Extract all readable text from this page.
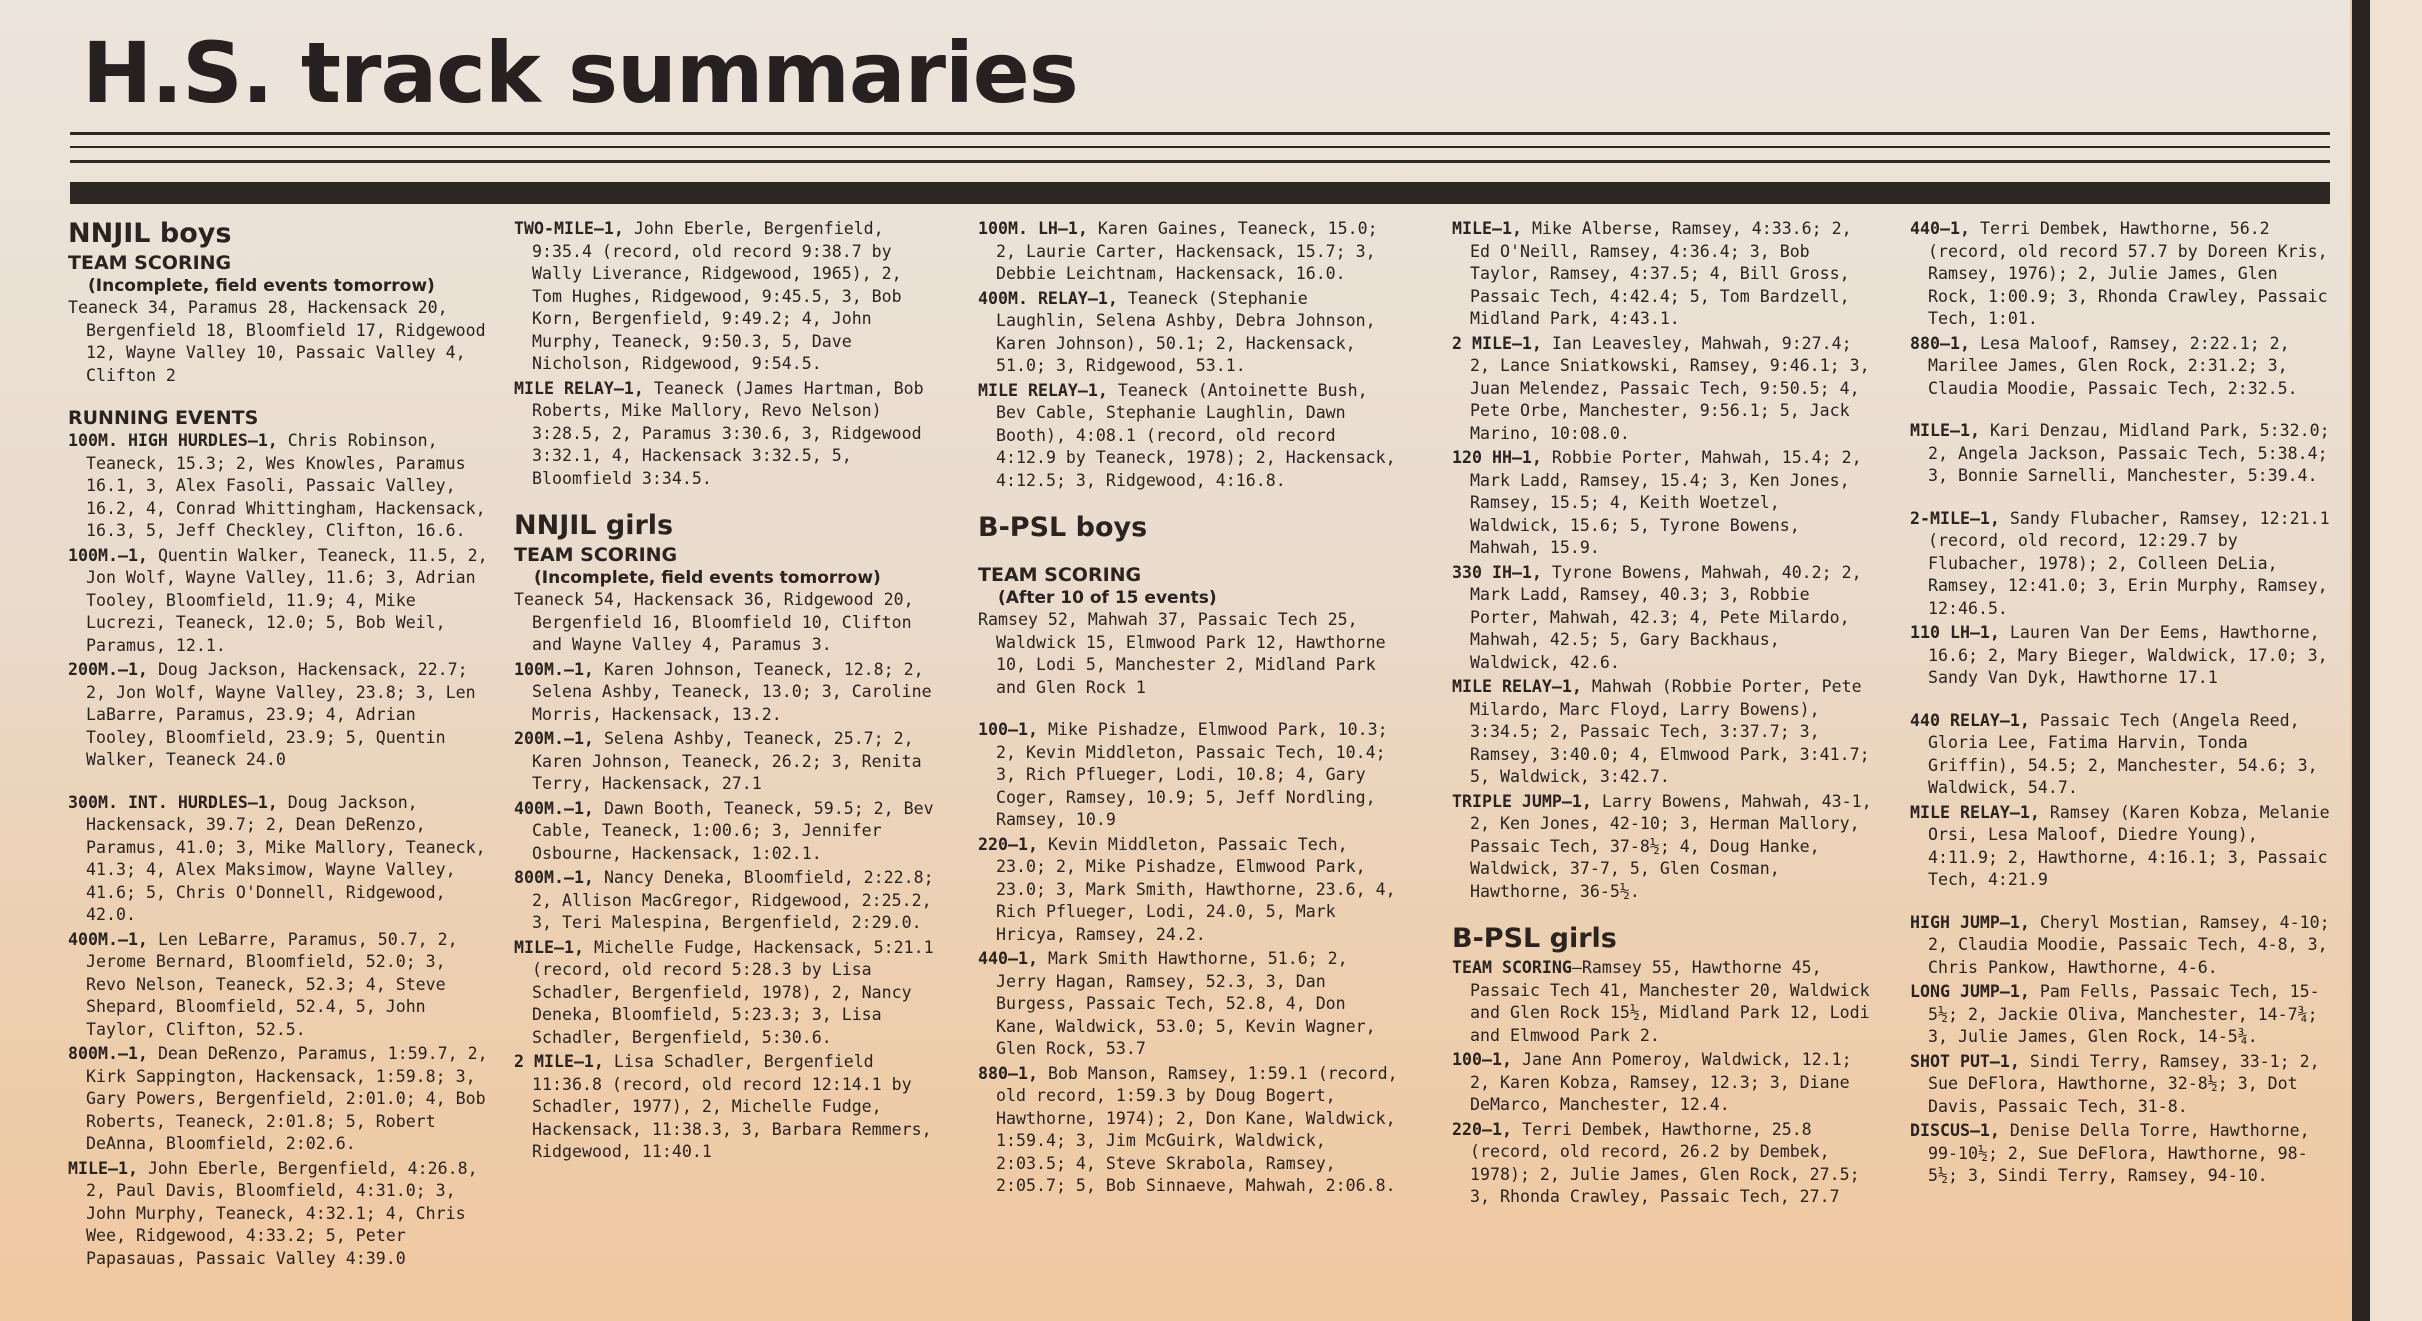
H.S. track summaries
NNJIL boys
TEAM SCORING
(Incomplete, field events tomorrow)
Teaneck 34, Paramus 28, Hackensack 20, Bergenfield 18, Bloomfield 17, Ridgewood 12, Wayne Valley 10, Passaic Valley 4, Clifton 2
RUNNING EVENTS
100M. HIGH HURDLES—1, Chris Robinson, Teaneck, 15.3; 2, Wes Knowles, Paramus 16.1, 3, Alex Fasoli, Passaic Valley, 16.2, 4, Conrad Whittingham, Hackensack, 16.3, 5, Jeff Checkley, Clifton, 16.6.
100M.—1, Quentin Walker, Teaneck, 11.5, 2, Jon Wolf, Wayne Valley, 11.6; 3, Adrian Tooley, Bloomfield, 11.9; 4, Mike Lucrezi, Teaneck, 12.0; 5, Bob Weil, Paramus, 12.1.
200M.—1, Doug Jackson, Hackensack, 22.7; 2, Jon Wolf, Wayne Valley, 23.8; 3, Len LaBarre, Paramus, 23.9; 4, Adrian Tooley, Bloomfield, 23.9; 5, Quentin Walker, Teaneck 24.0
300M. INT. HURDLES—1, Doug Jackson, Hackensack, 39.7; 2, Dean DeRenzo, Paramus, 41.0; 3, Mike Mallory, Teaneck, 41.3; 4, Alex Maksimow, Wayne Valley, 41.6; 5, Chris O'Donnell, Ridgewood, 42.0.
400M.—1, Len LeBarre, Paramus, 50.7, 2, Jerome Bernard, Bloomfield, 52.0; 3, Revo Nelson, Teaneck, 52.3; 4, Steve Shepard, Bloomfield, 52.4, 5, John Taylor, Clifton, 52.5.
800M.—1, Dean DeRenzo, Paramus, 1:59.7, 2, Kirk Sappington, Hackensack, 1:59.8; 3, Gary Powers, Bergenfield, 2:01.0; 4, Bob Roberts, Teaneck, 2:01.8; 5, Robert DeAnna, Bloomfield, 2:02.6.
MILE—1, John Eberle, Bergenfield, 4:26.8, 2, Paul Davis, Bloomfield, 4:31.0; 3, John Murphy, Teaneck, 4:32.1; 4, Chris Wee, Ridgewood, 4:33.2; 5, Peter Papasauas, Passaic Valley 4:39.0
TWO-MILE—1, John Eberle, Bergenfield, 9:35.4 (record, old record 9:38.7 by Wally Liverance, Ridgewood, 1965), 2, Tom Hughes, Ridgewood, 9:45.5, 3, Bob Korn, Bergenfield, 9:49.2; 4, John Murphy, Teaneck, 9:50.3, 5, Dave Nicholson, Ridgewood, 9:54.5.
MILE RELAY—1, Teaneck (James Hartman, Bob Roberts, Mike Mallory, Revo Nelson) 3:28.5, 2, Paramus 3:30.6, 3, Ridgewood 3:32.1, 4, Hackensack 3:32.5, 5, Bloomfield 3:34.5.
NNJIL girls
TEAM SCORING
(Incomplete, field events tomorrow)
Teaneck 54, Hackensack 36, Ridgewood 20, Bergenfield 16, Bloomfield 10, Clifton and Wayne Valley 4, Paramus 3.
100M.—1, Karen Johnson, Teaneck, 12.8; 2, Selena Ashby, Teaneck, 13.0; 3, Caroline Morris, Hackensack, 13.2.
200M.—1, Selena Ashby, Teaneck, 25.7; 2, Karen Johnson, Teaneck, 26.2; 3, Renita Terry, Hackensack, 27.1
400M.—1, Dawn Booth, Teaneck, 59.5; 2, Bev Cable, Teaneck, 1:00.6; 3, Jennifer Osbourne, Hackensack, 1:02.1.
800M.—1, Nancy Deneka, Bloomfield, 2:22.8; 2, Allison MacGregor, Ridgewood, 2:25.2, 3, Teri Malespina, Bergenfield, 2:29.0.
MILE—1, Michelle Fudge, Hackensack, 5:21.1 (record, old record 5:28.3 by Lisa Schadler, Bergenfield, 1978), 2, Nancy Deneka, Bloomfield, 5:23.3; 3, Lisa Schadler, Bergenfield, 5:30.6.
2 MILE—1, Lisa Schadler, Bergenfield 11:36.8 (record, old record 12:14.1 by Schadler, 1977), 2, Michelle Fudge, Hackensack, 11:38.3, 3, Barbara Remmers, Ridgewood, 11:40.1
100M. LH—1, Karen Gaines, Teaneck, 15.0; 2, Laurie Carter, Hackensack, 15.7; 3, Debbie Leichtnam, Hackensack, 16.0.
400M. RELAY—1, Teaneck (Stephanie Laughlin, Selena Ashby, Debra Johnson, Karen Johnson), 50.1; 2, Hackensack, 51.0; 3, Ridgewood, 53.1.
MILE RELAY—1, Teaneck (Antoinette Bush, Bev Cable, Stephanie Laughlin, Dawn Booth), 4:08.1 (record, old record 4:12.9 by Teaneck, 1978); 2, Hackensack, 4:12.5; 3, Ridgewood, 4:16.8.
B-PSL boys
TEAM SCORING
(After 10 of 15 events)
Ramsey 52, Mahwah 37, Passaic Tech 25, Waldwick 15, Elmwood Park 12, Hawthorne 10, Lodi 5, Manchester 2, Midland Park and Glen Rock 1
100—1, Mike Pishadze, Elmwood Park, 10.3; 2, Kevin Middleton, Passaic Tech, 10.4; 3, Rich Pflueger, Lodi, 10.8; 4, Gary Coger, Ramsey, 10.9; 5, Jeff Nordling, Ramsey, 10.9
220—1, Kevin Middleton, Passaic Tech, 23.0; 2, Mike Pishadze, Elmwood Park, 23.0; 3, Mark Smith, Hawthorne, 23.6, 4, Rich Pflueger, Lodi, 24.0, 5, Mark Hricya, Ramsey, 24.2.
440—1, Mark Smith Hawthorne, 51.6; 2, Jerry Hagan, Ramsey, 52.3, 3, Dan Burgess, Passaic Tech, 52.8, 4, Don Kane, Waldwick, 53.0; 5, Kevin Wagner, Glen Rock, 53.7
880—1, Bob Manson, Ramsey, 1:59.1 (record, old record, 1:59.3 by Doug Bogert, Hawthorne, 1974); 2, Don Kane, Waldwick, 1:59.4; 3, Jim McGuirk, Waldwick, 2:03.5; 4, Steve Skrabola, Ramsey, 2:05.7; 5, Bob Sinnaeve, Mahwah, 2:06.8.
MILE—1, Mike Alberse, Ramsey, 4:33.6; 2, Ed O'Neill, Ramsey, 4:36.4; 3, Bob Taylor, Ramsey, 4:37.5; 4, Bill Gross, Passaic Tech, 4:42.4; 5, Tom Bardzell, Midland Park, 4:43.1.
2 MILE—1, Ian Leavesley, Mahwah, 9:27.4; 2, Lance Sniatkowski, Ramsey, 9:46.1; 3, Juan Melendez, Passaic Tech, 9:50.5; 4, Pete Orbe, Manchester, 9:56.1; 5, Jack Marino, 10:08.0.
120 HH—1, Robbie Porter, Mahwah, 15.4; 2, Mark Ladd, Ramsey, 15.4; 3, Ken Jones, Ramsey, 15.5; 4, Keith Woetzel, Waldwick, 15.6; 5, Tyrone Bowens, Mahwah, 15.9.
330 IH—1, Tyrone Bowens, Mahwah, 40.2; 2, Mark Ladd, Ramsey, 40.3; 3, Robbie Porter, Mahwah, 42.3; 4, Pete Milardo, Mahwah, 42.5; 5, Gary Backhaus, Waldwick, 42.6.
MILE RELAY—1, Mahwah (Robbie Porter, Pete Milardo, Marc Floyd, Larry Bowens), 3:34.5; 2, Passaic Tech, 3:37.7; 3, Ramsey, 3:40.0; 4, Elmwood Park, 3:41.7; 5, Waldwick, 3:42.7.
TRIPLE JUMP—1, Larry Bowens, Mahwah, 43-1, 2, Ken Jones, 42-10; 3, Herman Mallory, Passaic Tech, 37-8½; 4, Doug Hanke, Waldwick, 37-7, 5, Glen Cosman, Hawthorne, 36-5½.
B-PSL girls
TEAM SCORING—Ramsey 55, Hawthorne 45, Passaic Tech 41, Manchester 20, Waldwick and Glen Rock 15½, Midland Park 12, Lodi and Elmwood Park 2.
100—1, Jane Ann Pomeroy, Waldwick, 12.1; 2, Karen Kobza, Ramsey, 12.3; 3, Diane DeMarco, Manchester, 12.4.
220—1, Terri Dembek, Hawthorne, 25.8 (record, old record, 26.2 by Dembek, 1978); 2, Julie James, Glen Rock, 27.5; 3, Rhonda Crawley, Passaic Tech, 27.7
440—1, Terri Dembek, Hawthorne, 56.2 (record, old record 57.7 by Doreen Kris, Ramsey, 1976); 2, Julie James, Glen Rock, 1:00.9; 3, Rhonda Crawley, Passaic Tech, 1:01.
880—1, Lesa Maloof, Ramsey, 2:22.1; 2, Marilee James, Glen Rock, 2:31.2; 3, Claudia Moodie, Passaic Tech, 2:32.5.
MILE—1, Kari Denzau, Midland Park, 5:32.0; 2, Angela Jackson, Passaic Tech, 5:38.4; 3, Bonnie Sarnelli, Manchester, 5:39.4.
2-MILE—1, Sandy Flubacher, Ramsey, 12:21.1 (record, old record, 12:29.7 by Flubacher, 1978); 2, Colleen DeLia, Ramsey, 12:41.0; 3, Erin Murphy, Ramsey, 12:46.5.
110 LH—1, Lauren Van Der Eems, Hawthorne, 16.6; 2, Mary Bieger, Waldwick, 17.0; 3, Sandy Van Dyk, Hawthorne 17.1
440 RELAY—1, Passaic Tech (Angela Reed, Gloria Lee, Fatima Harvin, Tonda Griffin), 54.5; 2, Manchester, 54.6; 3, Waldwick, 54.7.
MILE RELAY—1, Ramsey (Karen Kobza, Melanie Orsi, Lesa Maloof, Diedre Young), 4:11.9; 2, Hawthorne, 4:16.1; 3, Passaic Tech, 4:21.9
HIGH JUMP—1, Cheryl Mostian, Ramsey, 4-10; 2, Claudia Moodie, Passaic Tech, 4-8, 3, Chris Pankow, Hawthorne, 4-6.
LONG JUMP—1, Pam Fells, Passaic Tech, 15-5½; 2, Jackie Oliva, Manchester, 14-7¾; 3, Julie James, Glen Rock, 14-5¾.
SHOT PUT—1, Sindi Terry, Ramsey, 33-1; 2, Sue DeFlora, Hawthorne, 32-8½; 3, Dot Davis, Passaic Tech, 31-8.
DISCUS—1, Denise Della Torre, Hawthorne, 99-10½; 2, Sue DeFlora, Hawthorne, 98-5½; 3, Sindi Terry, Ramsey, 94-10.
